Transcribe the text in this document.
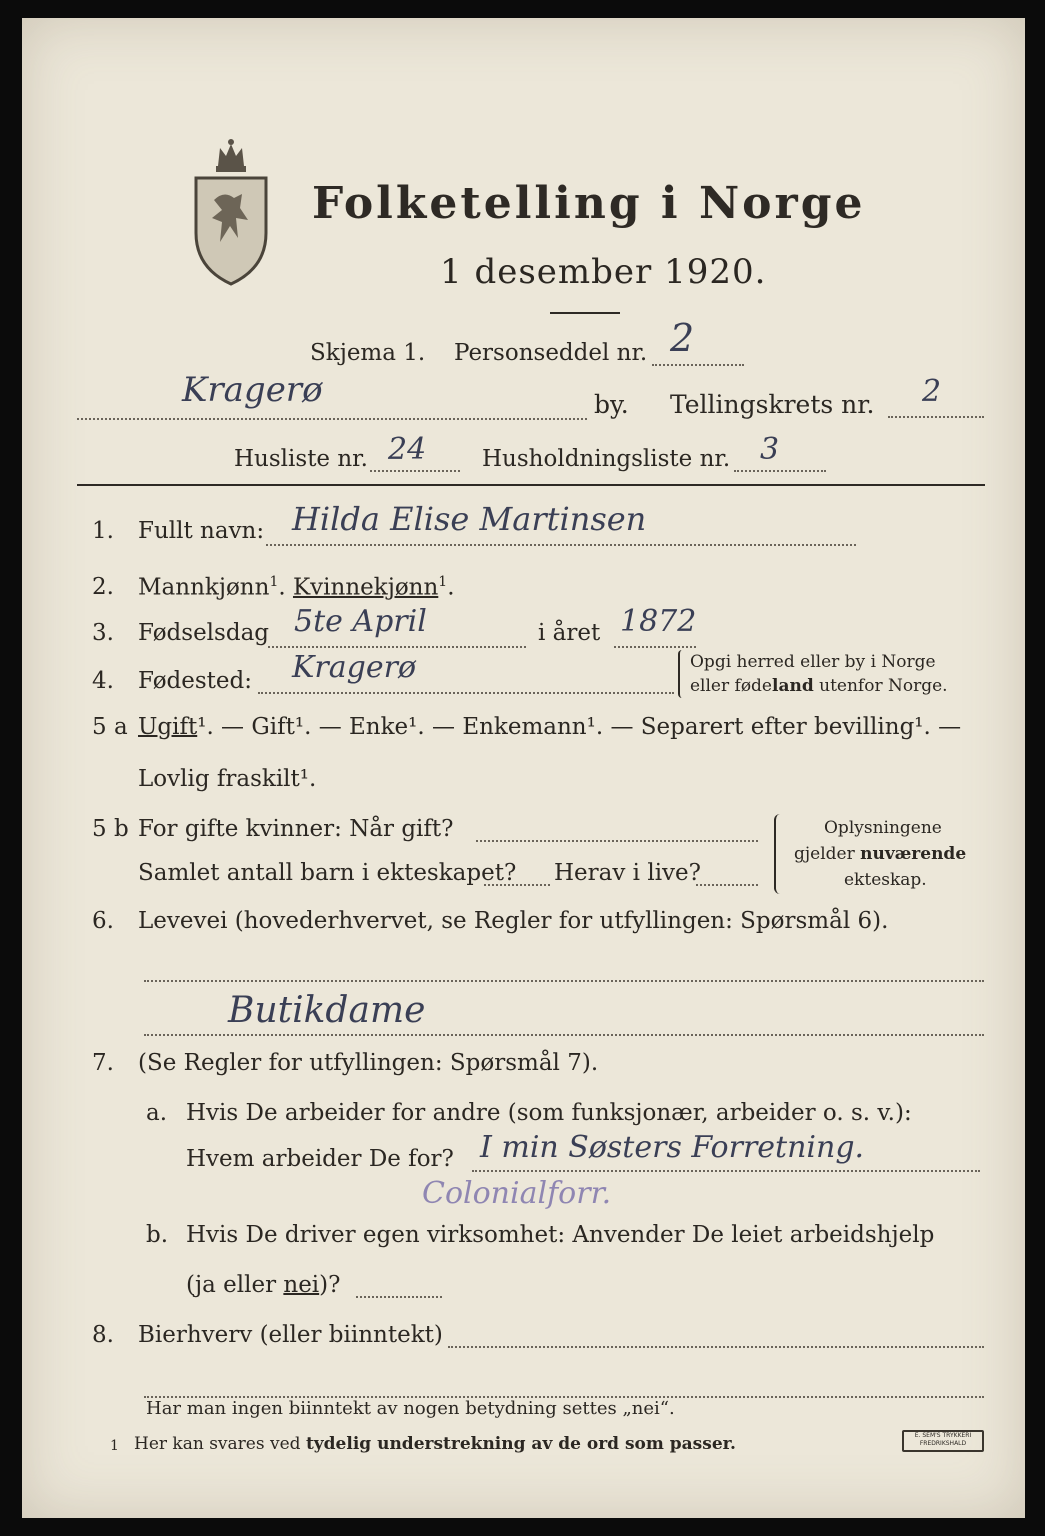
Folketelling i Norge
1 desember 1920.
Skjema 1. Personseddel nr. 2
Kragerø	by. Tellingskrets nr. 2
Husliste nr. 24 Husholdningsliste nr. 3
1. Fullt navn: Hilda Elise Martinsen
2. Mannkjønn$^1$. Kvinnekjønn$^1$.
3. Fødselsdag 5te April	i året 1872
4. Fødested: Kragerø	Opgi herred eller by i Norge
eller fødeland utenfor Norge.
5 a Ugift¹. — Gift¹. — Enke¹. — Enkemann¹. — Separert efter bevilling¹. —
Lovlig fraskilt¹.
5 b For gifte kvinner: Når gift?
Samlet antall barn i ekteskapet? Herav i live?
Oplysningene
gjelder nuværende
ekteskap.
6. Levevei (hovederhvervet, se Regler for utfyllingen: Spørsmål 6).
Butikdame
7. (Se Regler for utfyllingen: Spørsmål 7).
a. Hvis De arbeider for andre (som funksjonær, arbeider o. s. v.):
Hvem arbeider De for? I min Søsters Forretning.
Colonialforr.
b. Hvis De driver egen virksomhet: Anvender De leiet arbeidshjelp
(ja eller nei)?
8. Bierhverv (eller biinntekt)
Har man ingen biinntekt av nogen betydning settes „nei“.
1 Her kan svares ved tydelig understrekning av de ord som passer.	E. SEM'S TRYKKERI
FREDRIKSHALD
